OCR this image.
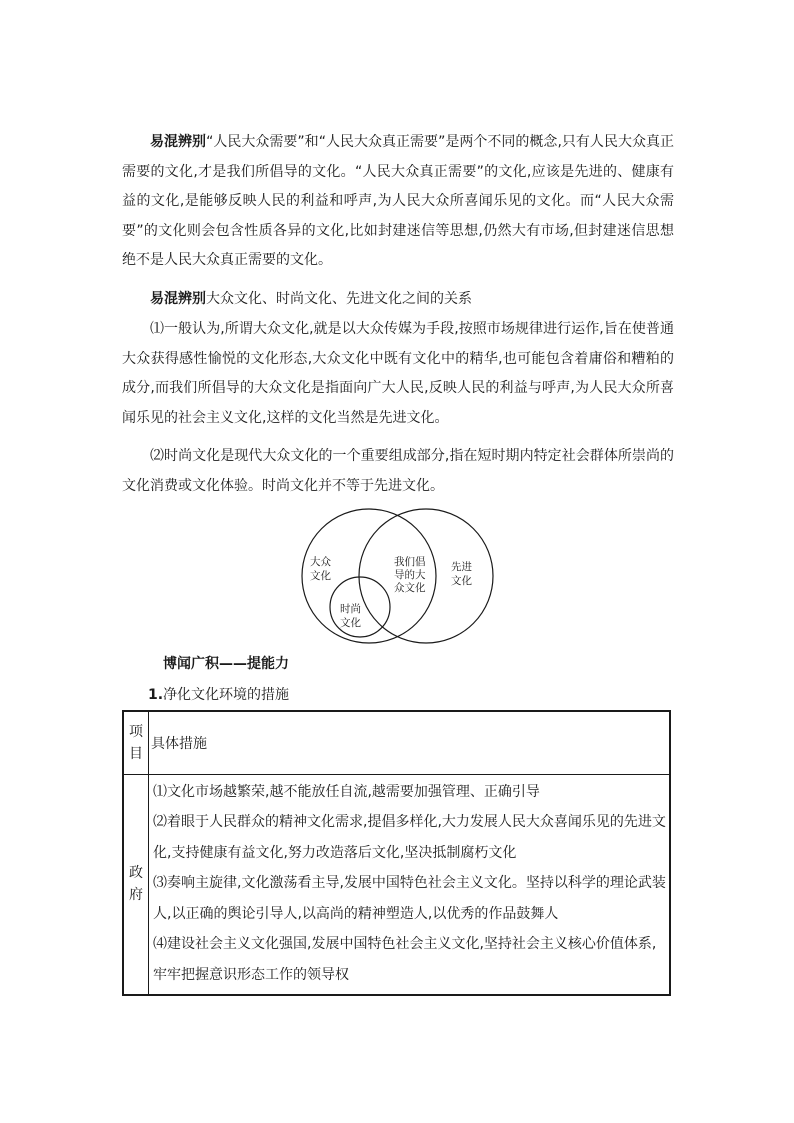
易混辨别“人民大众需要”和“人民大众真正需要”是两个不同的概念,只有人民大众真正需要的文化,才是我们所倡导的文化。“人民大众真正需要”的文化,应该是先进的、健康有益的文化,是能够反映人民的利益和呼声,为人民大众所喜闻乐见的文化。而“人民大众需要”的文化则会包含性质各异的文化,比如封建迷信等思想,仍然大有市场,但封建迷信思想绝不是人民大众真正需要的文化。

易混辨别大众文化、时尚文化、先进文化之间的关系

⑴一般认为,所谓大众文化,就是以大众传媒为手段,按照市场规律进行运作,旨在使普通大众获得感性愉悦的文化形态,大众文化中既有文化中的精华,也可能包含着庸俗和糟粕的成分,而我们所倡导的大众文化是指面向广大人民,反映人民的利益与呼声,为人民大众所喜闻乐见的社会主义文化,这样的文化当然是先进文化。

⑵时尚文化是现代大众文化的一个重要组成部分,指在短时期内特定社会群体所崇尚的文化消费或文化体验。时尚文化并不等于先进文化。

大众
文化
我们倡
导的大
众文化
先进
文化
时尚
文化
博闻广积——提能力
1.净化文化环境的措施
项目	具体措施
政府	⑴文化市场越繁荣,越不能放任自流,越需要加强管理、正确引导
⑵着眼于人民群众的精神文化需求,提倡多样化,大力发展人民大众喜闻乐见的先进文化,支持健康有益文化,努力改造落后文化,坚决抵制腐朽文化
⑶奏响主旋律,文化激荡看主导,发展中国特色社会主义文化。坚持以科学的理论武装人,以正确的舆论引导人,以高尚的精神塑造人,以优秀的作品鼓舞人
⑷建设社会主义文化强国,发展中国特色社会主义文化,坚持社会主义核心价值体系,牢牢把握意识形态工作的领导权
